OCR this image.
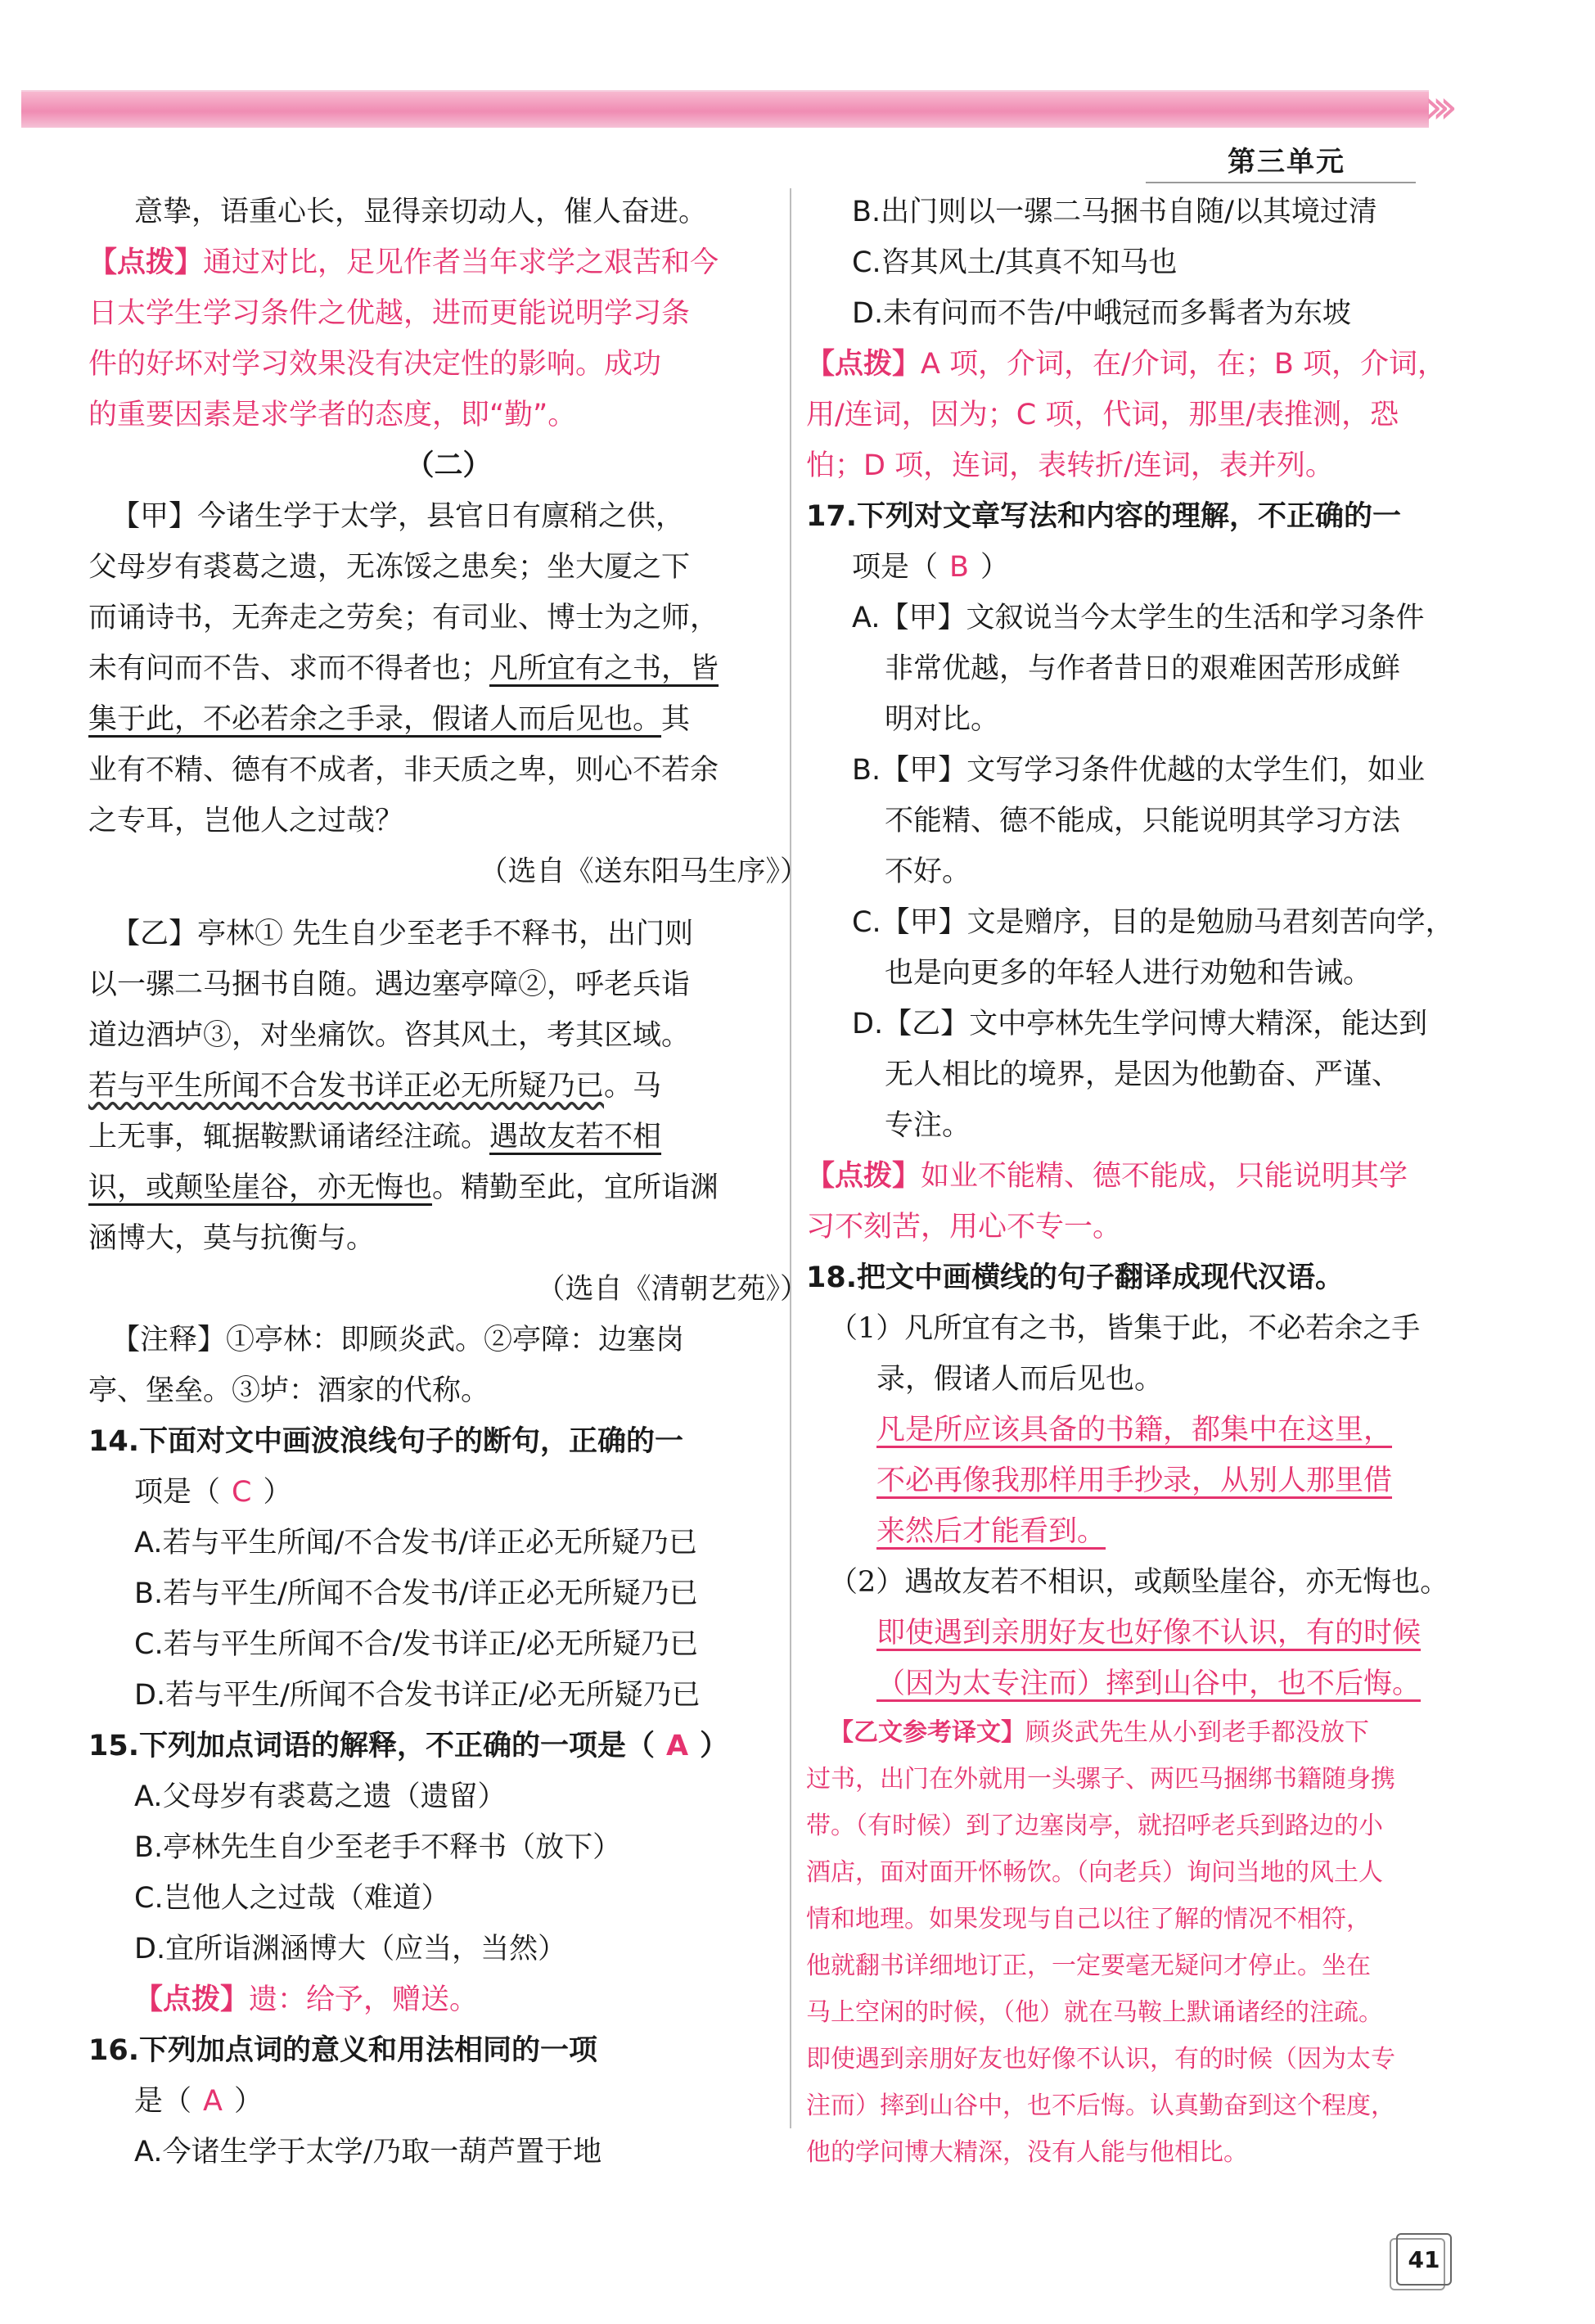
›››
第三单元

意挚，语重心长，显得亲切动人，催人奋进。

【点拨】通过对比，足见作者当年求学之艰苦和今

日太学生学习条件之优越，进而更能说明学习条

件的好坏对学习效果没有决定性的影响。成功

的重要因素是求学者的态度，即“勤”。

（二）

【甲】今诸生学于太学，县官日有廪稍之供，

父母岁有裘葛之遗，无冻馁之患矣；坐大厦之下

而诵诗书，无奔走之劳矣；有司业、博士为之师，

未有问而不告、求而不得者也；凡所宜有之书，皆

集于此，不必若余之手录，假诸人而后见也。其

业有不精、德有不成者，非天质之卑，则心不若余

之专耳，岂他人之过哉？

（选自《送东阳马生序》）

【乙】亭林① 先生自少至老手不释书，出门则

以一骡二马捆书自随。遇边塞亭障②，呼老兵诣

道边酒垆③，对坐痛饮。咨其风土，考其区域。

若与平生所闻不合发书详正必无所疑乃已。马

上无事，辄据鞍默诵诸经注疏。遇故友若不相

识，或颠坠崖谷，亦无悔也。精勤至此，宜所诣渊

涵博大，莫与抗衡与。

（选自《清朝艺苑》）

【注释】①亭林：即顾炎武。②亭障：边塞岗

亭、堡垒。③垆：酒家的代称。

14.下面对文中画波浪线句子的断句，正确的一

项是（ C ）

A.若与平生所闻/不合发书/详正必无所疑乃已

B.若与平生/所闻不合发书/详正必无所疑乃已

C.若与平生所闻不合/发书详正/必无所疑乃已

D.若与平生/所闻不合发书详正/必无所疑乃已

15.下列加点词语的解释，不正确的一项是（ A ）

A.父母岁有裘葛之遗（遗留）

B.亭林先生自少至老手不释书（放下）

C.岂他人之过哉（难道）

D.宜所诣渊涵博大（应当，当然）

【点拨】遗：给予，赠送。

16.下列加点词的意义和用法相同的一项

是（ A ）

A.今诸生学于太学/乃取一葫芦置于地

B.出门则以一骡二马捆书自随/以其境过清

C.咨其风土/其真不知马也

D.未有问而不告/中峨冠而多髯者为东坡

【点拨】A 项，介词，在/介词，在；B 项，介词，

用/连词，因为；C 项，代词，那里/表推测，恐

怕；D 项，连词，表转折/连词，表并列。

17.下列对文章写法和内容的理解，不正确的一

项是（ B ）

A.【甲】文叙说当今太学生的生活和学习条件

非常优越，与作者昔日的艰难困苦形成鲜

明对比。

B.【甲】文写学习条件优越的太学生们，如业

不能精、德不能成，只能说明其学习方法

不好。

C.【甲】文是赠序，目的是勉励马君刻苦向学，

也是向更多的年轻人进行劝勉和告诫。

D.【乙】文中亭林先生学问博大精深，能达到

无人相比的境界，是因为他勤奋、严谨、

专注。

【点拨】如业不能精、德不能成，只能说明其学

习不刻苦，用心不专一。

18.把文中画横线的句子翻译成现代汉语。

（1）凡所宜有之书，皆集于此，不必若余之手

录，假诸人而后见也。

凡是所应该具备的书籍，都集中在这里，

不必再像我那样用手抄录，从别人那里借

来然后才能看到。

（2）遇故友若不相识，或颠坠崖谷，亦无悔也。

即使遇到亲朋好友也好像不认识，有的时候

（因为太专注而）摔到山谷中，也不后悔。

【乙文参考译文】顾炎武先生从小到老手都没放下

过书，出门在外就用一头骡子、两匹马捆绑书籍随身携

带。（有时候）到了边塞岗亭，就招呼老兵到路边的小

酒店，面对面开怀畅饮。（向老兵）询问当地的风土人

情和地理。如果发现与自己以往了解的情况不相符，

他就翻书详细地订正，一定要毫无疑问才停止。坐在

马上空闲的时候，（他）就在马鞍上默诵诸经的注疏。

即使遇到亲朋好友也好像不认识，有的时候（因为太专

注而）摔到山谷中，也不后悔。认真勤奋到这个程度，

他的学问博大精深，没有人能与他相比。

41
